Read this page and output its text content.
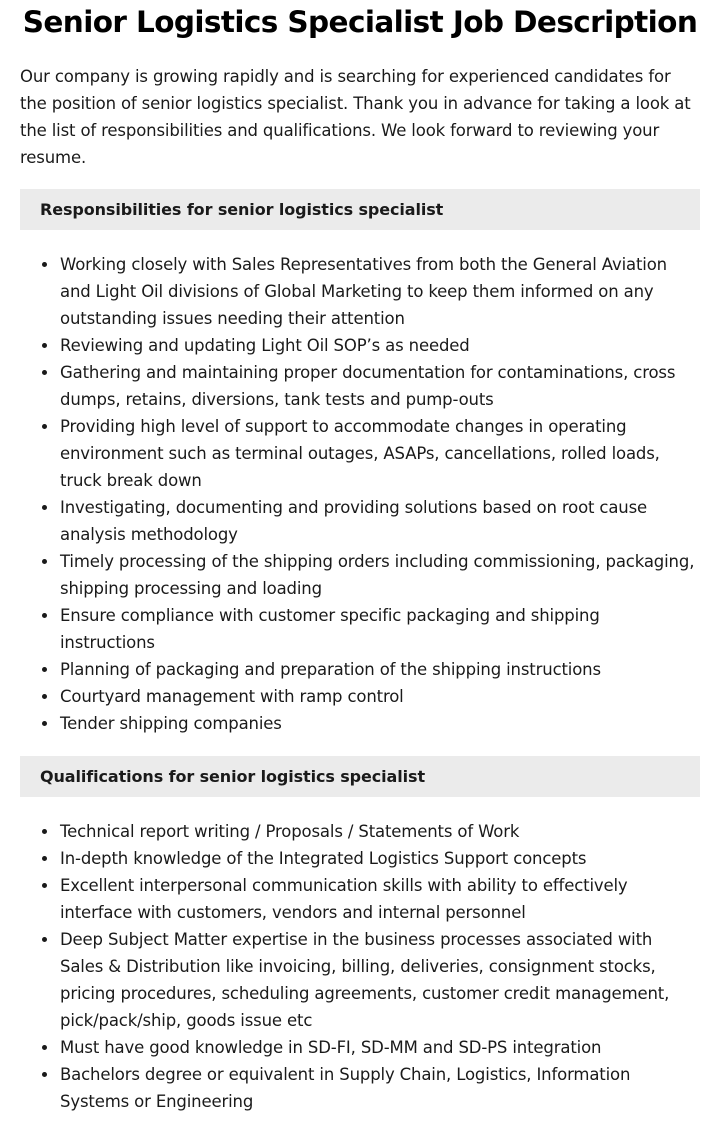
Senior Logistics Specialist Job Description

Our company is growing rapidly and is searching for experienced candidates for the position of senior logistics specialist. Thank you in advance for taking a look at the list of responsibilities and qualifications. We look forward to reviewing your resume.

Responsibilities for senior logistics specialist
Working closely with Sales Representatives from both the General Aviation and Light Oil divisions of Global Marketing to keep them informed on any outstanding issues needing their attention
Reviewing and updating Light Oil SOP’s as needed
Gathering and maintaining proper documentation for contaminations, cross dumps, retains, diversions, tank tests and pump-outs
Providing high level of support to accommodate changes in operating environment such as terminal outages, ASAPs, cancellations, rolled loads, truck break down
Investigating, documenting and providing solutions based on root cause analysis methodology
Timely processing of the shipping orders including commissioning, packaging, shipping processing and loading
Ensure compliance with customer specific packaging and shipping instructions
Planning of packaging and preparation of the shipping instructions
Courtyard management with ramp control
Tender shipping companies
Qualifications for senior logistics specialist
Technical report writing / Proposals / Statements of Work
In-depth knowledge of the Integrated Logistics Support concepts
Excellent interpersonal communication skills with ability to effectively interface with customers, vendors and internal personnel
Deep Subject Matter expertise in the business processes associated with Sales & Distribution like invoicing, billing, deliveries, consignment stocks, pricing procedures, scheduling agreements, customer credit management, pick/pack/ship, goods issue etc
Must have good knowledge in SD-FI, SD-MM and SD-PS integration
Bachelors degree or equivalent in Supply Chain, Logistics, Information Systems or Engineering
